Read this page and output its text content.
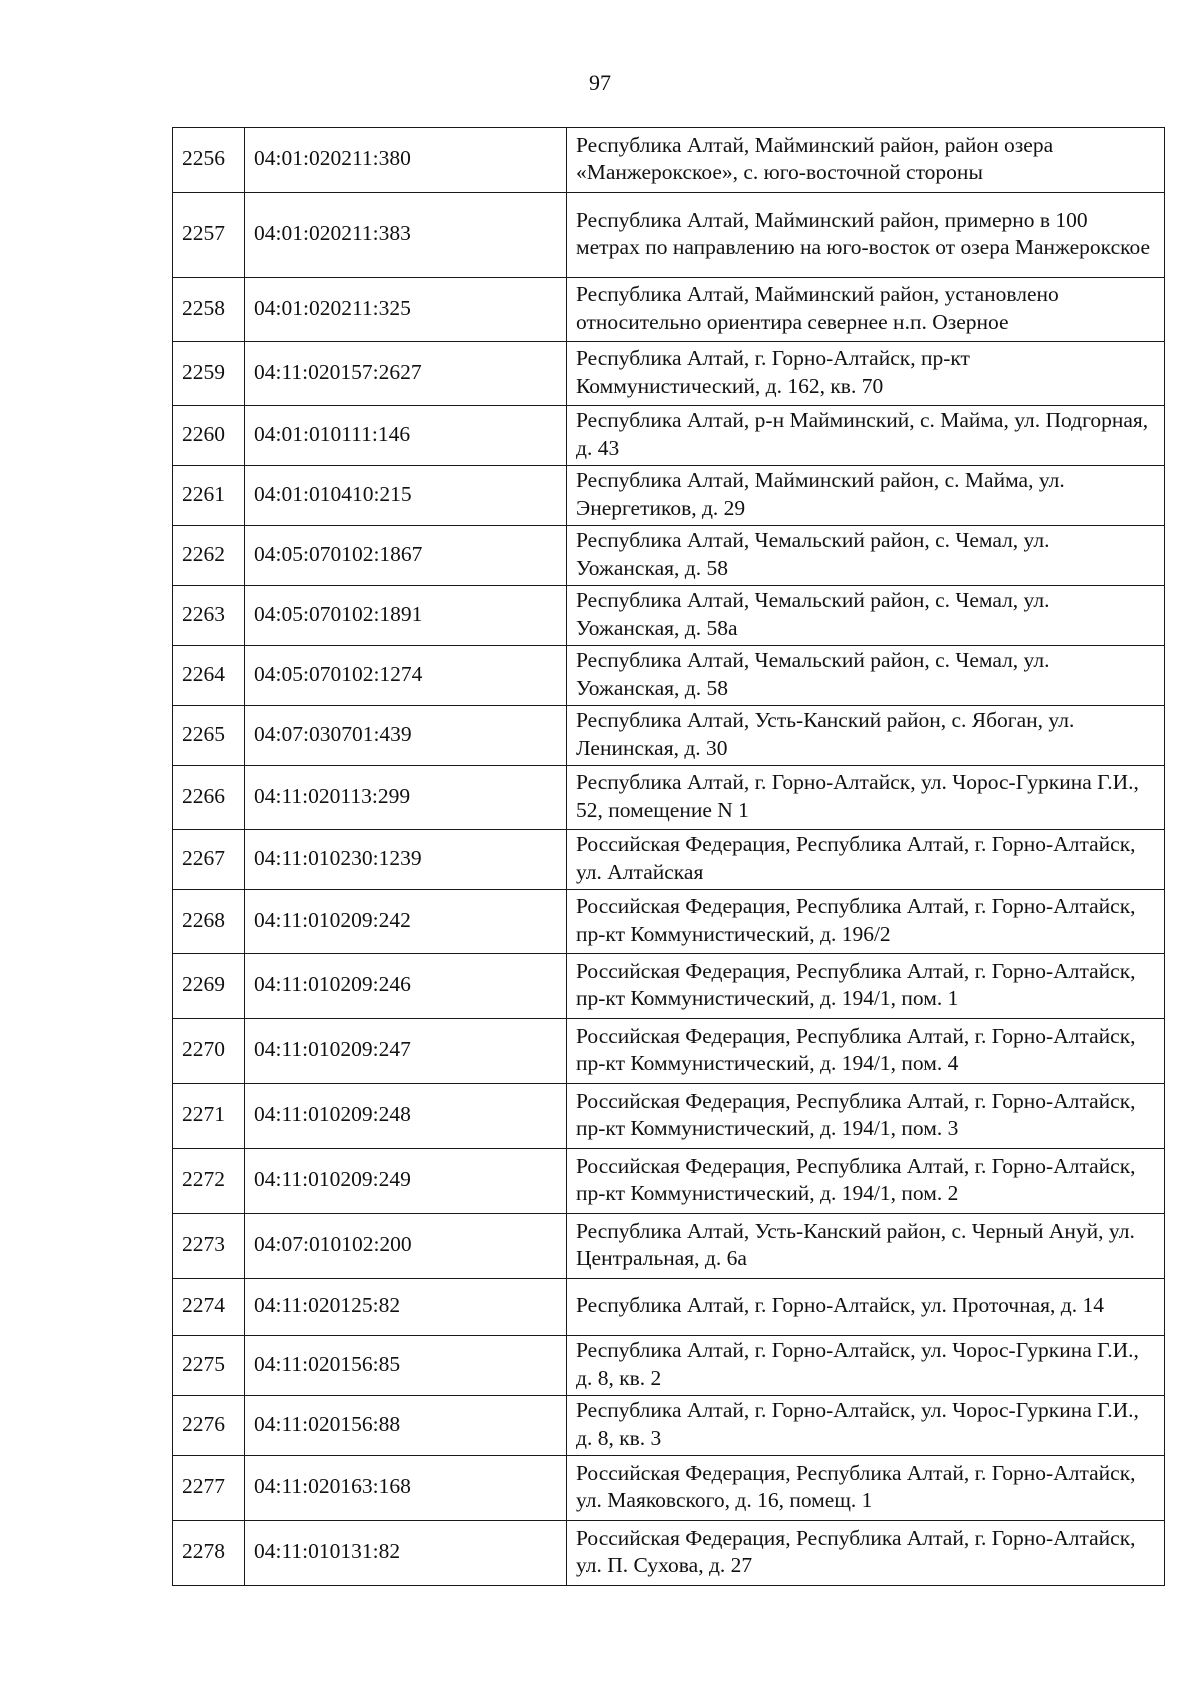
97
2256	04:01:020211:380	Республика Алтай, Майминский район, район озера «Манжерокское», с. юго-восточной стороны
2257	04:01:020211:383	Республика Алтай, Майминский район, примерно в 100 метрах по направлению на юго-восток от озера Манжерокское
2258	04:01:020211:325	Республика Алтай, Майминский район, установлено относительно ориентира севернее н.п. Озерное
2259	04:11:020157:2627	Республика Алтай, г. Горно-Алтайск, пр-кт Коммунистический, д. 162, кв. 70
2260	04:01:010111:146	Республика Алтай, р-н Майминский, с. Майма, ул. Подгорная, д. 43
2261	04:01:010410:215	Республика Алтай, Майминский район, с. Майма, ул. Энергетиков, д. 29
2262	04:05:070102:1867	Республика Алтай, Чемальский район, с. Чемал, ул. Уожанская, д. 58
2263	04:05:070102:1891	Республика Алтай, Чемальский район, с. Чемал, ул. Уожанская, д. 58а
2264	04:05:070102:1274	Республика Алтай, Чемальский район, с. Чемал, ул. Уожанская, д. 58
2265	04:07:030701:439	Республика Алтай, Усть-Канский район, с. Ябоган, ул. Ленинская, д. 30
2266	04:11:020113:299	Республика Алтай, г. Горно-Алтайск, ул. Чорос-Гуркина Г.И., 52, помещение N 1
2267	04:11:010230:1239	Российская Федерация, Республика Алтай, г. Горно-Алтайск, ул. Алтайская
2268	04:11:010209:242	Российская Федерация, Республика Алтай, г. Горно-Алтайск, пр-кт Коммунистический, д. 196/2
2269	04:11:010209:246	Российская Федерация, Республика Алтай, г. Горно-Алтайск, пр-кт Коммунистический, д. 194/1, пом. 1
2270	04:11:010209:247	Российская Федерация, Республика Алтай, г. Горно-Алтайск, пр-кт Коммунистический, д. 194/1, пом. 4
2271	04:11:010209:248	Российская Федерация, Республика Алтай, г. Горно-Алтайск, пр-кт Коммунистический, д. 194/1, пом. 3
2272	04:11:010209:249	Российская Федерация, Республика Алтай, г. Горно-Алтайск, пр-кт Коммунистический, д. 194/1, пом. 2
2273	04:07:010102:200	Республика Алтай, Усть-Канский район, с. Черный Ануй, ул. Центральная, д. 6а
2274	04:11:020125:82	Республика Алтай, г. Горно-Алтайск, ул. Проточная, д. 14
2275	04:11:020156:85	Республика Алтай, г. Горно-Алтайск, ул. Чорос-Гуркина Г.И., д. 8, кв. 2
2276	04:11:020156:88	Республика Алтай, г. Горно-Алтайск, ул. Чорос-Гуркина Г.И., д. 8, кв. 3
2277	04:11:020163:168	Российская Федерация, Республика Алтай, г. Горно-Алтайск, ул. Маяковского, д. 16, помещ. 1
2278	04:11:010131:82	Российская Федерация, Республика Алтай, г. Горно-Алтайск, ул. П. Сухова, д. 27
